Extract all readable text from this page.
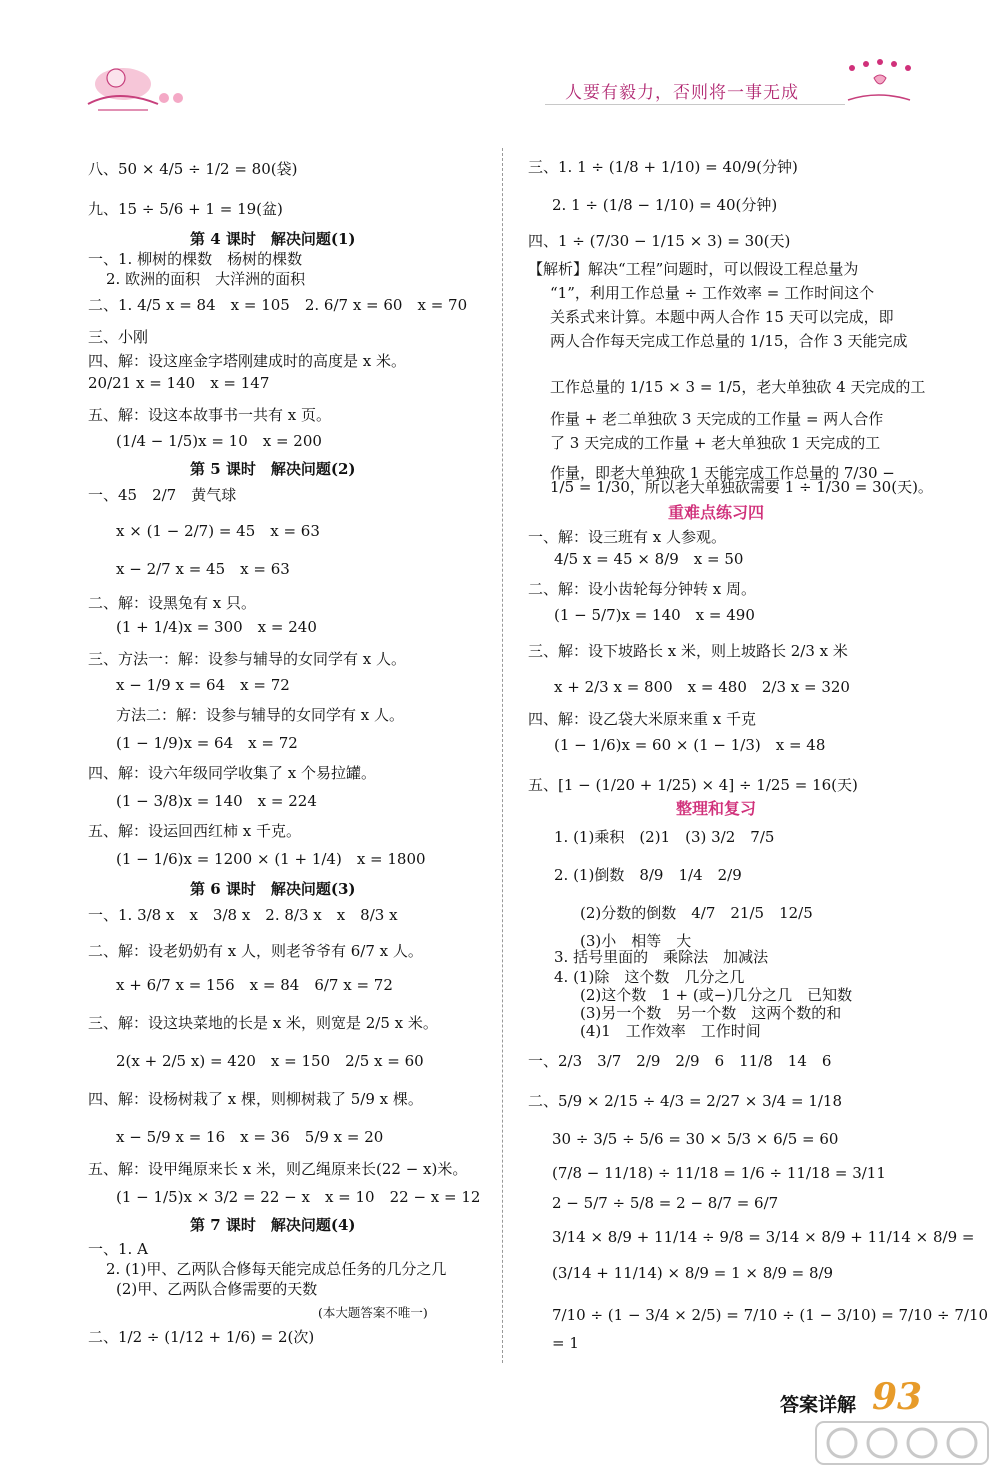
人要有毅力，否则将一事无成
八、50 × 4/5 ÷ 1/2 = 80(袋)
九、15 ÷ 5/6 + 1 = 19(盆)
第 4 课时　解决问题(1)
一、1. 柳树的棵数　杨树的棵数
2. 欧洲的面积　大洋洲的面积
二、1. 4/5 x = 84　x = 105　2. 6/7 x = 60　x = 70
三、小刚
四、解：设这座金字塔刚建成时的高度是 x 米。
20/21 x = 140　x = 147
五、解：设这本故事书一共有 x 页。
(1/4 − 1/5)x = 10　x = 200
第 5 课时　解决问题(2)
一、45　2/7　黄气球
x × (1 − 2/7) = 45　x = 63
x − 2/7 x = 45　x = 63
二、解：设黑兔有 x 只。
(1 + 1/4)x = 300　x = 240
三、方法一：解：设参与辅导的女同学有 x 人。
x − 1/9 x = 64　x = 72
方法二：解：设参与辅导的女同学有 x 人。
(1 − 1/9)x = 64　x = 72
四、解：设六年级同学收集了 x 个易拉罐。
(1 − 3/8)x = 140　x = 224
五、解：设运回西红柿 x 千克。
(1 − 1/6)x = 1200 × (1 + 1/4)　x = 1800
第 6 课时　解决问题(3)
一、1. 3/8 x　x　3/8 x　2. 8/3 x　x　8/3 x
二、解：设老奶奶有 x 人，则老爷爷有 6/7 x 人。
x + 6/7 x = 156　x = 84　6/7 x = 72
三、解：设这块菜地的长是 x 米，则宽是 2/5 x 米。
2(x + 2/5 x) = 420　x = 150　2/5 x = 60
四、解：设杨树栽了 x 棵，则柳树栽了 5/9 x 棵。
x − 5/9 x = 16　x = 36　5/9 x = 20
五、解：设甲绳原来长 x 米，则乙绳原来长(22 − x)米。
(1 − 1/5)x × 3/2 = 22 − x　x = 10　22 − x = 12
第 7 课时　解决问题(4)
一、1. A
2. (1)甲、乙两队合修每天能完成总任务的几分之几
(2)甲、乙两队合修需要的天数
(本大题答案不唯一)
二、1/2 ÷ (1/12 + 1/6) = 2(次)
三、1. 1 ÷ (1/8 + 1/10) = 40/9(分钟)
2. 1 ÷ (1/8 − 1/10) = 40(分钟)
四、1 ÷ (7/30 − 1/15 × 3) = 30(天)
【解析】解决“工程”问题时，可以假设工程总量为
“1”，利用工作总量 ÷ 工作效率 = 工作时间这个
关系式来计算。本题中两人合作 15 天可以完成，即
两人合作每天完成工作总量的 1/15，合作 3 天能完成
工作总量的 1/15 × 3 = 1/5，老大单独砍 4 天完成的工
作量 + 老二单独砍 3 天完成的工作量 = 两人合作
了 3 天完成的工作量 + 老大单独砍 1 天完成的工
作量，即老大单独砍 1 天能完成工作总量的 7/30 −
1/5 = 1/30，所以老大单独砍需要 1 ÷ 1/30 = 30(天)。
重难点练习四
一、解：设三班有 x 人参观。
4/5 x = 45 × 8/9　x = 50
二、解：设小齿轮每分钟转 x 周。
(1 − 5/7)x = 140　x = 490
三、解：设下坡路长 x 米，则上坡路长 2/3 x 米
x + 2/3 x = 800　x = 480　2/3 x = 320
四、解：设乙袋大米原来重 x 千克
(1 − 1/6)x = 60 × (1 − 1/3)　x = 48
五、[1 − (1/20 + 1/25) × 4] ÷ 1/25 = 16(天)
整理和复习
1. (1)乘积　(2)1　(3) 3/2　7/5
2. (1)倒数　8/9　1/4　2/9
(2)分数的倒数　4/7　21/5　12/5
(3)小　相等　大
3. 括号里面的　乘除法　加减法
4. (1)除　这个数　几分之几
(2)这个数　1 + (或−)几分之几　已知数
(3)另一个数　另一个数　这两个数的和
(4)1　工作效率　工作时间
一、2/3　3/7　2/9　2/9　6　11/8　14　6
二、5/9 × 2/15 ÷ 4/3 = 2/27 × 3/4 = 1/18
30 ÷ 3/5 ÷ 5/6 = 30 × 5/3 × 6/5 = 60
(7/8 − 11/18) ÷ 11/18 = 1/6 ÷ 11/18 = 3/11
2 − 5/7 ÷ 5/8 = 2 − 8/7 = 6/7
3/14 × 8/9 + 11/14 ÷ 9/8 = 3/14 × 8/9 + 11/14 × 8/9 =
(3/14 + 11/14) × 8/9 = 1 × 8/9 = 8/9
7/10 ÷ (1 − 3/4 × 2/5) = 7/10 ÷ (1 − 3/10) = 7/10 ÷ 7/10
= 1
答案详解 93
